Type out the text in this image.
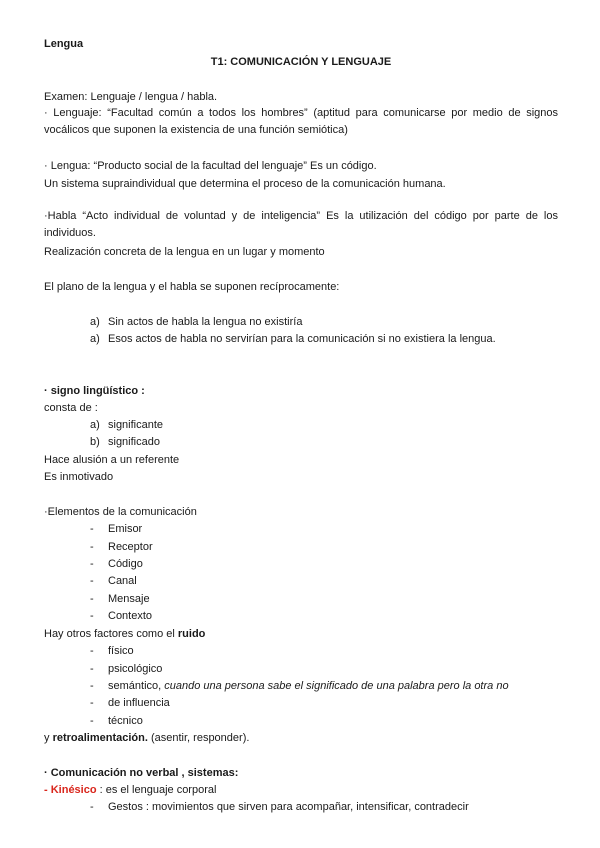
Lengua
T1: COMUNICACIÓN Y LENGUAJE
Examen: Lenguaje / lengua / habla.
· Lenguaje: “Facultad común a todos los hombres” (aptitud para comunicarse por medio de signos vocálicos que suponen la existencia de una función semiótica)
· Lengua: “Producto social de la facultad del lenguaje” Es un código.
Un sistema supraindividual que determina el proceso de la comunicación humana.
·Habla “Acto individual de voluntad y de inteligencia” Es la utilización del código por parte de los individuos.
Realización concreta de la lengua en un lugar y momento
El plano de la lengua y el habla se suponen recíprocamente:
a) Sin actos de habla la lengua no existiría
a) Esos actos de habla no servirían para la comunicación si no existiera la lengua.
· signo lingüístico :
consta de :
a) significante
b) significado
Hace alusión a un referente
Es inmotivado
·Elementos de la comunicación
-	Emisor
-	Receptor
-	Código
-	Canal
-	Mensaje
-	Contexto
Hay otros factores como el ruido
-	físico
-	psicológico
-	semántico, cuando una persona sabe el significado de una palabra pero la otra no
-	de influencia
-	técnico
y retroalimentación. (asentir, responder).
· Comunicación no verbal , sistemas:
- Kinésico : es el lenguaje corporal
-	Gestos : movimientos que sirven para acompañar, intensificar, contradecir
